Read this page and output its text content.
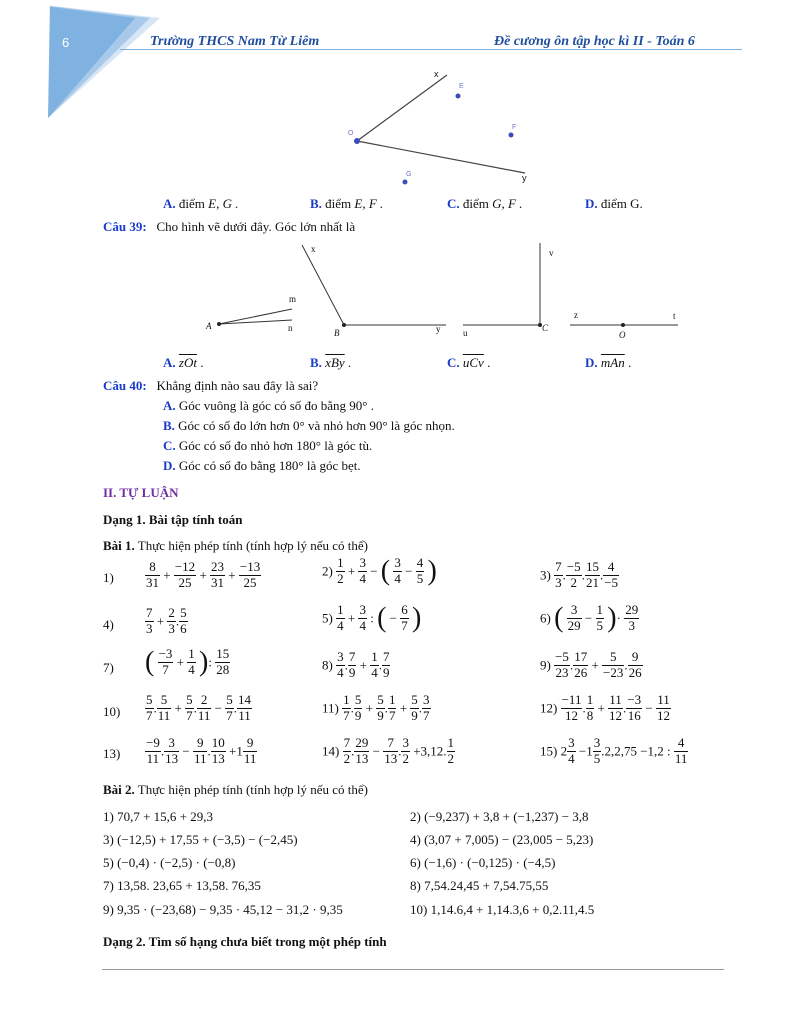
6	Trường THCS Nam Từ Liêm	Đề cương ôn tập học kì II - Toán 6
x
E
O
F
G	y
A. điểm E, G .	B. điểm E, F .	C. điểm G, F .	D. điểm G.
Câu 39: Cho hình vẽ dưới đây. Góc lớn nhất là
A
m
n
x
B	y
v
u	C
z	t
O
A. $\overline{zOt}$ .	B. $\overline{xBy}$ .	C. $\overline{uCv}$ .	D. $\overline{mAn}$ .
Câu 40: Khẳng định nào sau đây là sai?
A. Góc vuông là góc có số đo bằng 90° .
B. Góc có số đo lớn hơn 0° và nhỏ hơn 90° là góc nhọn.
C. Góc có số đo nhỏ hơn 180° là góc tù.
D. Góc có số đo bằng 180° là góc bẹt.
II. TỰ LUẬN
Dạng 1. Bài tập tính toán
Bài 1. Thực hiện phép tính (tính hợp lý nếu có thể)
1)
4)
7)
10)
13)
$\frac{8}{31} + \frac{-12}{25} + \frac{23}{31} + \frac{-13}{25}$	$2) \frac{1}{2} + \frac{3}{4}$ − ( $\frac{3}{4} - \frac{4}{5}$ )	$3) \frac{7}{3}$ . $\frac{-5}{2}$ . $\frac{15}{21}$ . $\frac{4}{-5}$
$\frac{7}{3} + \frac{2}{3}$ . $\frac{5}{6}$	$5) \frac{1}{4} + \frac{3}{4}$ : ( − $\frac{6}{7}$ )	6) ( $\frac{3}{29} - \frac{1}{5}$ )· $\frac{29}{3}$
( $\frac{-3}{7} + \frac{1}{4}$ ): $\frac{15}{28}$	$8) \frac{3}{4}$ . $\frac{7}{9} + \frac{1}{4}$ . $\frac{7}{9}$	$9) \frac{-5}{23}$ . $\frac{17}{26} + \frac{5}{-23}$ . $\frac{9}{26}$
$\frac{5}{7}$ . $\frac{5}{11} + \frac{5}{7}$ . $\frac{2}{11} - \frac{5}{7}$ . $\frac{14}{11}$	$11) \frac{1}{7}$ . $\frac{5}{9} + \frac{5}{9}$ . $\frac{1}{7} + \frac{5}{9}$ . $\frac{3}{7}$	$12) \frac{-11}{12}$ . $\frac{1}{8} + \frac{11}{12}$ . $\frac{-3}{16} - \frac{11}{12}$
$\frac{-9}{11}$ . $\frac{3}{13} - \frac{9}{11}$ . $\frac{10}{13} +1 \frac{9}{11}$	$14) \frac{7}{2}$ . $\frac{29}{13} - \frac{7}{13}$ . $\frac{3}{2} +3,12$. $\frac{1}{2}$	15) $2 \frac{3}{4} -1 \frac{3}{5} .2,2,75 -1,2$ : $\frac{4}{11}$
Bài 2. Thực hiện phép tính (tính hợp lý nếu có thể)
1) 70,7 + 15,6 + 29,3	2) (−9,237) + 3,8 + (−1,237) − 3,8
3) (−12,5) + 17,55 + (−3,5) − (−2,45)	4) (3,07 + 7,005) − (23,005 − 5,23)
5) (−0,4) · (−2,5) · (−0,8)	6) (−1,6) · (−0,125) · (−4,5)
7) 13,58. 23,65 + 13,58. 76,35	8) 7,54.24,45 + 7,54.75,55
9) 9,35 · (−23,68) − 9,35 · 45,12 − 31,2 · 9,35	10) 1,14.6,4 + 1,14.3,6 + 0,2.11,4.5
Dạng 2. Tìm số hạng chưa biết trong một phép tính
